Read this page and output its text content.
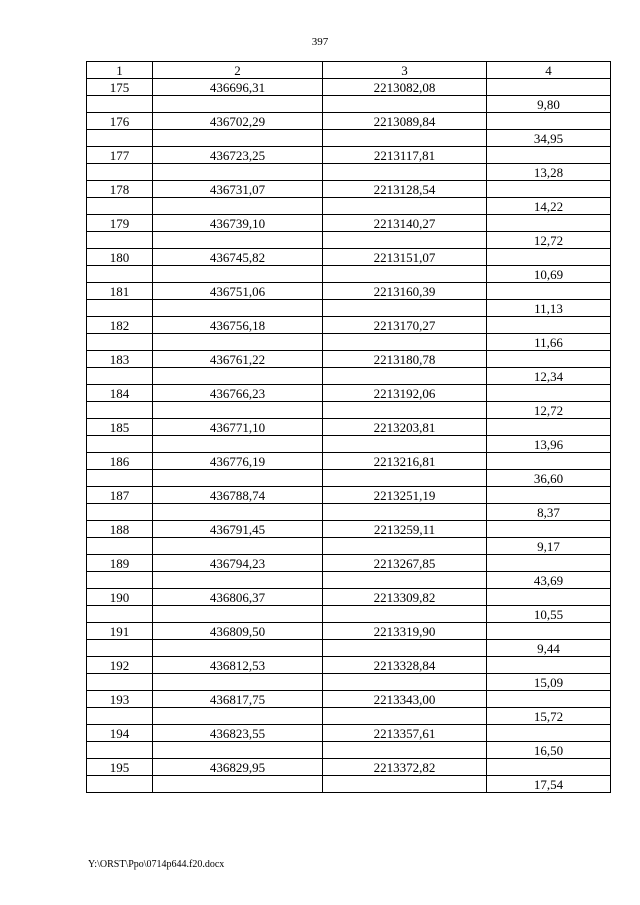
397
1	2	3	4
175	436696,31	2213082,08	
			9,80
176	436702,29	2213089,84	
			34,95
177	436723,25	2213117,81	
			13,28
178	436731,07	2213128,54	
			14,22
179	436739,10	2213140,27	
			12,72
180	436745,82	2213151,07	
			10,69
181	436751,06	2213160,39	
			11,13
182	436756,18	2213170,27	
			11,66
183	436761,22	2213180,78	
			12,34
184	436766,23	2213192,06	
			12,72
185	436771,10	2213203,81	
			13,96
186	436776,19	2213216,81	
			36,60
187	436788,74	2213251,19	
			8,37
188	436791,45	2213259,11	
			9,17
189	436794,23	2213267,85	
			43,69
190	436806,37	2213309,82	
			10,55
191	436809,50	2213319,90	
			9,44
192	436812,53	2213328,84	
			15,09
193	436817,75	2213343,00	
			15,72
194	436823,55	2213357,61	
			16,50
195	436829,95	2213372,82	
			17,54
Y:\ORST\Ppo\0714p644.f20.docx
